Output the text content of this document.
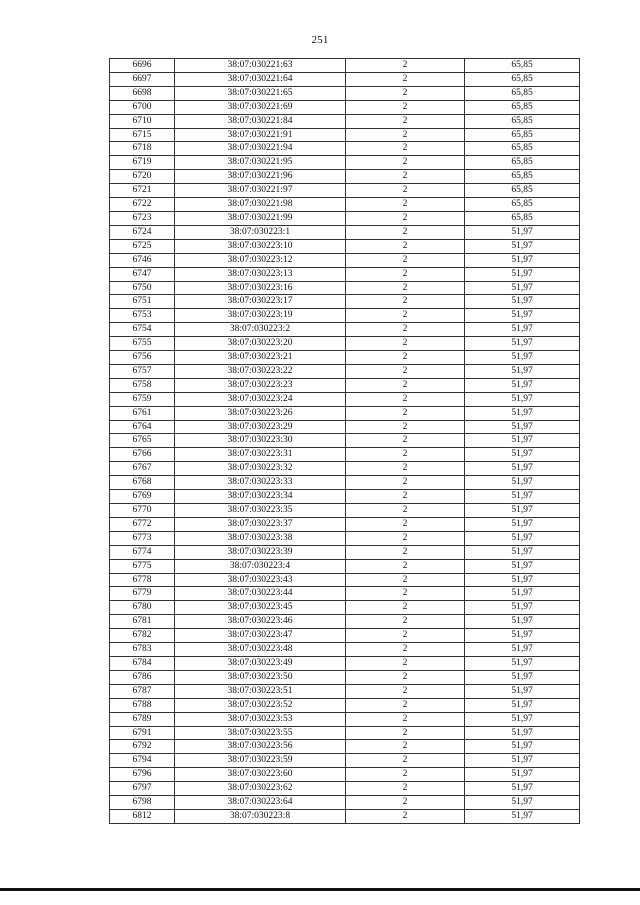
251
6696	38:07:030221:63	2	65,85
6697	38:07:030221:64	2	65,85
6698	38:07:030221:65	2	65,85
6700	38:07:030221:69	2	65,85
6710	38:07:030221:84	2	65,85
6715	38:07:030221:91	2	65,85
6718	38:07:030221:94	2	65,85
6719	38:07:030221:95	2	65,85
6720	38:07:030221:96	2	65,85
6721	38:07:030221:97	2	65,85
6722	38:07:030221:98	2	65,85
6723	38:07:030221:99	2	65,85
6724	38:07:030223:1	2	51,97
6725	38:07:030223:10	2	51,97
6746	38:07:030223:12	2	51,97
6747	38:07:030223:13	2	51,97
6750	38:07:030223:16	2	51,97
6751	38:07:030223:17	2	51,97
6753	38:07:030223:19	2	51,97
6754	38:07:030223:2	2	51,97
6755	38:07:030223:20	2	51,97
6756	38:07:030223:21	2	51,97
6757	38:07:030223:22	2	51,97
6758	38:07:030223:23	2	51,97
6759	38:07:030223:24	2	51,97
6761	38:07:030223:26	2	51,97
6764	38:07:030223:29	2	51,97
6765	38:07:030223:30	2	51,97
6766	38:07:030223:31	2	51,97
6767	38:07:030223:32	2	51,97
6768	38:07:030223:33	2	51,97
6769	38:07:030223:34	2	51,97
6770	38:07:030223:35	2	51,97
6772	38:07:030223:37	2	51,97
6773	38:07:030223:38	2	51,97
6774	38:07:030223:39	2	51,97
6775	38:07:030223:4	2	51,97
6778	38:07:030223:43	2	51,97
6779	38:07:030223:44	2	51,97
6780	38:07:030223:45	2	51,97
6781	38:07:030223:46	2	51,97
6782	38:07:030223:47	2	51,97
6783	38:07:030223:48	2	51,97
6784	38:07:030223:49	2	51,97
6786	38:07:030223:50	2	51,97
6787	38:07:030223:51	2	51,97
6788	38:07:030223:52	2	51,97
6789	38:07:030223:53	2	51,97
6791	38:07:030223:55	2	51,97
6792	38:07:030223:56	2	51,97
6794	38:07:030223:59	2	51,97
6796	38:07:030223:60	2	51,97
6797	38:07:030223:62	2	51,97
6798	38:07:030223:64	2	51,97
6812	38:07:030223:8	2	51,97
